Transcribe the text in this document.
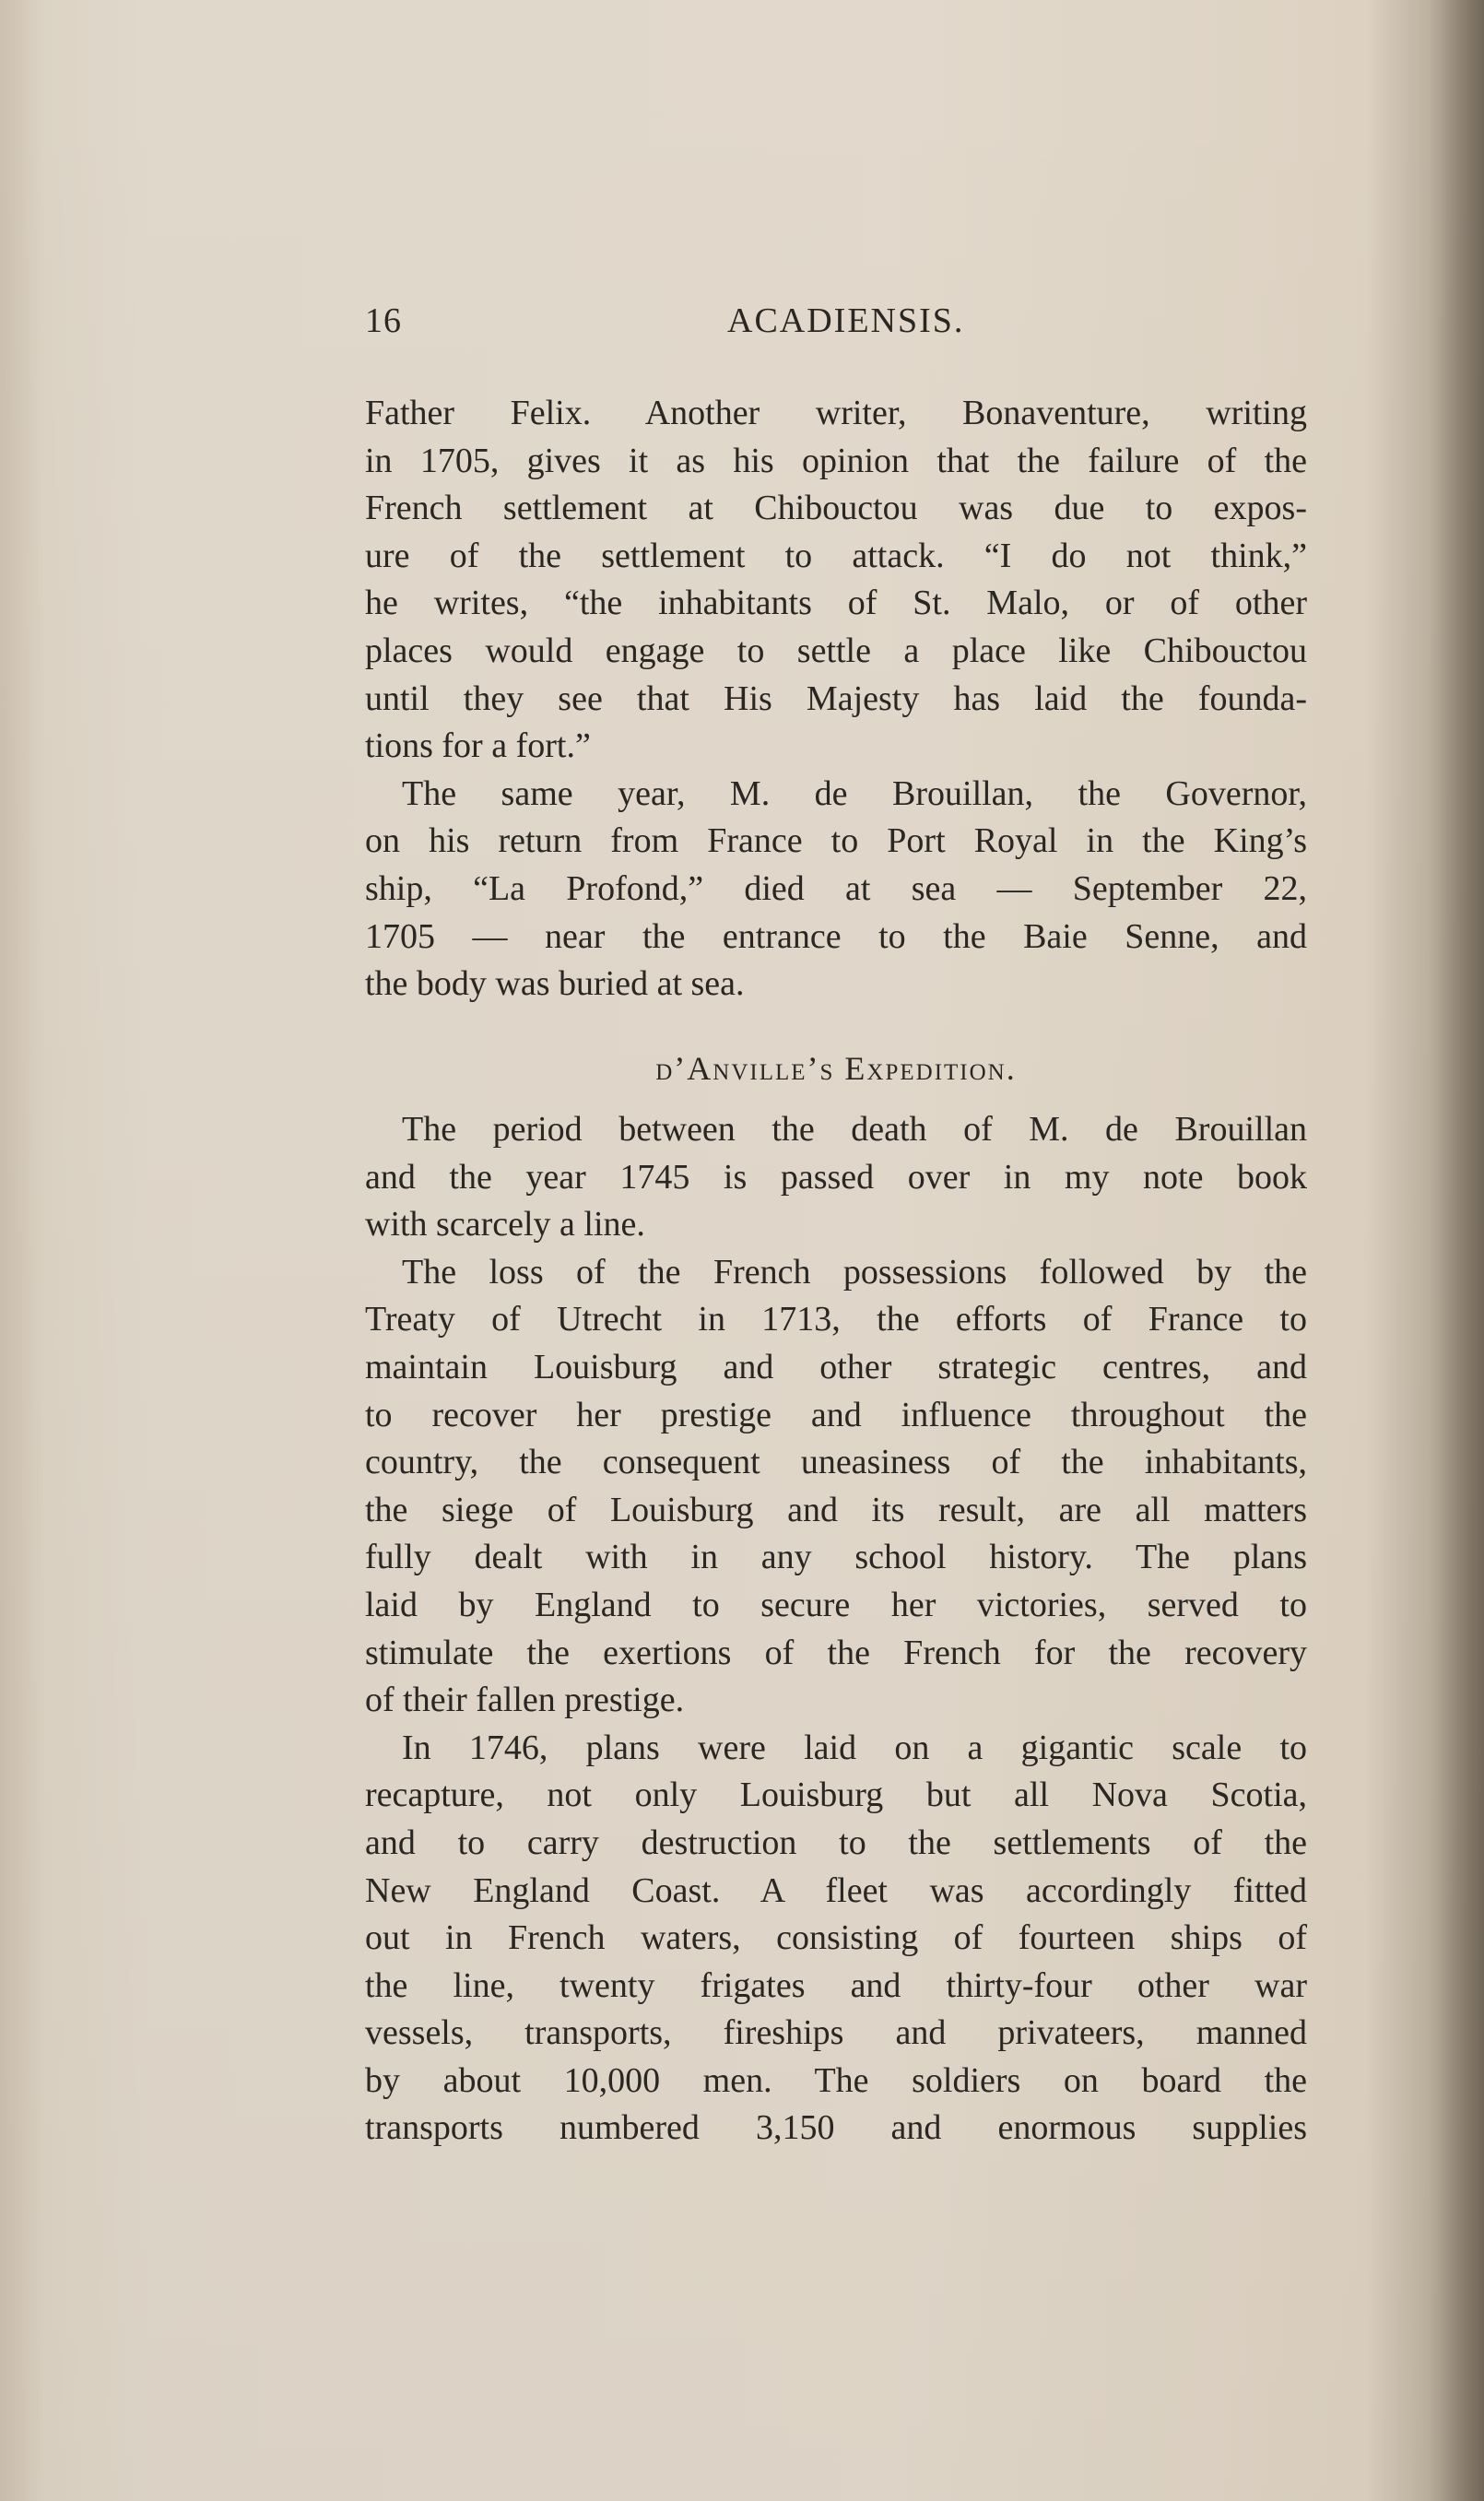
16	ACADIENSIS.
Father Felix. Another writer, Bonaventure, writing
in 1705, gives it as his opinion that the failure of the
French settlement at Chibouctou was due to expos-
ure of the settlement to attack. “I do not think,”
he writes, “the inhabitants of St. Malo, or of other
places would engage to settle a place like Chibouctou
until they see that His Majesty has laid the founda-
tions for a fort.”
The same year, M. de Brouillan, the Governor,
on his return from France to Port Royal in the King’s
ship, “La Profond,” died at sea — September 22,
1705 — near the entrance to the Baie Senne, and
the body was buried at sea.
d’Anville’s Expedition.
The period between the death of M. de Brouillan
and the year 1745 is passed over in my note book
with scarcely a line.
The loss of the French possessions followed by the
Treaty of Utrecht in 1713, the efforts of France to
maintain Louisburg and other strategic centres, and
to recover her prestige and influence throughout the
country, the consequent uneasiness of the inhabitants,
the siege of Louisburg and its result, are all matters
fully dealt with in any school history. The plans
laid by England to secure her victories, served to
stimulate the exertions of the French for the recovery
of their fallen prestige.
In 1746, plans were laid on a gigantic scale to
recapture, not only Louisburg but all Nova Scotia,
and to carry destruction to the settlements of the
New England Coast. A fleet was accordingly fitted
out in French waters, consisting of fourteen ships of
the line, twenty frigates and thirty-four other war
vessels, transports, fireships and privateers, manned
by about 10,000 men. The soldiers on board the
transports numbered 3,150 and enormous supplies
